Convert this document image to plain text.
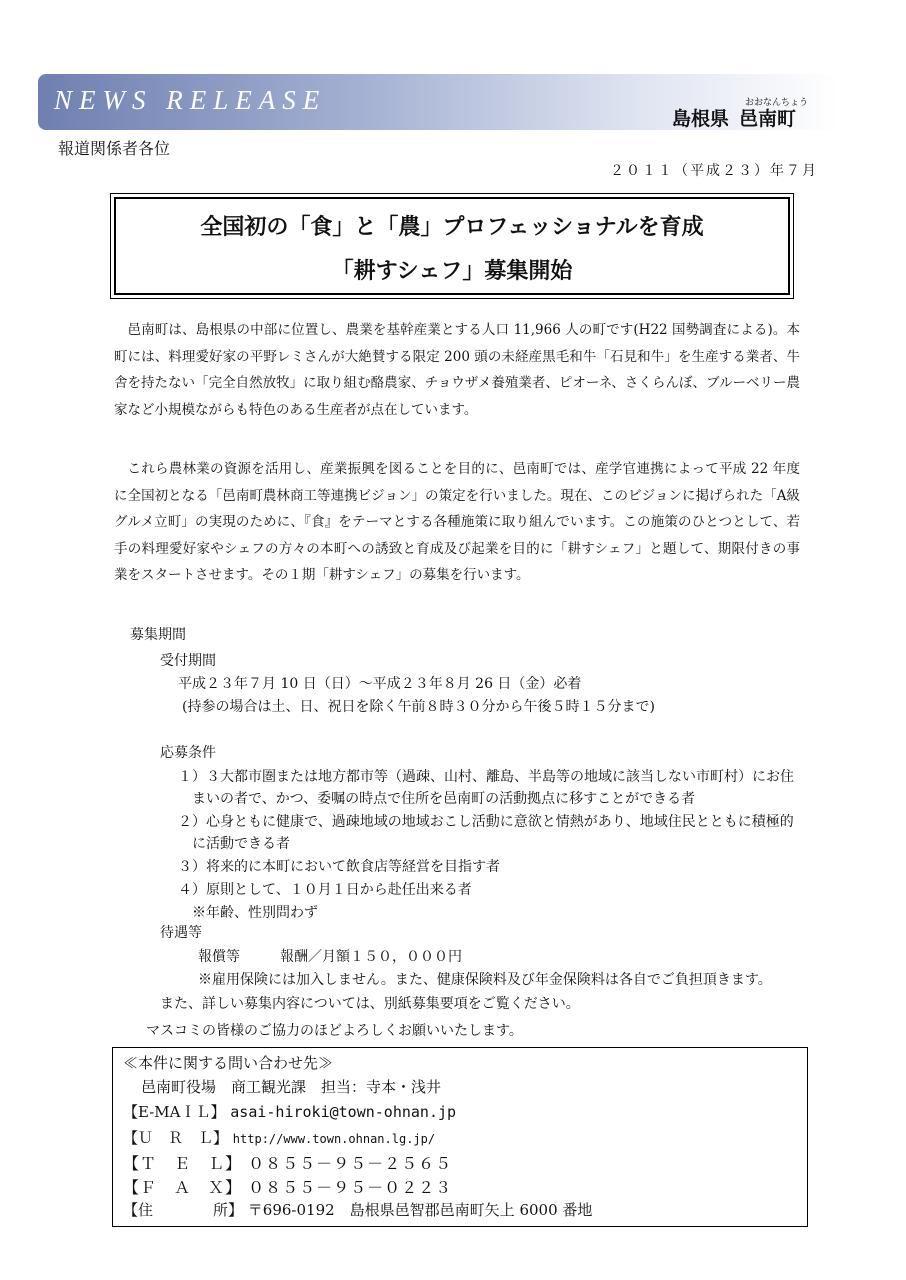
NEWS RELEASE	おおなんちょう
島根県 邑南町
報道関係者各位
２０１１（平成２３）年７月
全国初の「食」と「農」プロフェッショナルを育成
「耕すシェフ」募集開始
邑南町は、島根県の中部に位置し、農業を基幹産業とする人口 11,966 人の町です(H22 国勢調査による)。本町には、料理愛好家の平野レミさんが大絶賛する限定 200 頭の未経産黒毛和牛「石見和牛」を生産する業者、牛舎を持たない「完全自然放牧」に取り組む酪農家、チョウザメ養殖業者、ピオーネ、さくらんぼ、ブルーベリー農家など小規模ながらも特色のある生産者が点在しています。
これら農林業の資源を活用し、産業振興を図ることを目的に、邑南町では、産学官連携によって平成 22 年度に全国初となる「邑南町農林商工等連携ビジョン」の策定を行いました。現在、このビジョンに掲げられた「A級グルメ立町」の実現のために、『食』をテーマとする各種施策に取り組んでいます。この施策のひとつとして、若手の料理愛好家やシェフの方々の本町への誘致と育成及び起業を目的に「耕すシェフ」と題して、期限付きの事業をスタートさせます。その１期「耕すシェフ」の募集を行います。
募集期間
受付期間
平成２３年７月 10 日（日）～平成２３年８月 26 日（金）必着
(持参の場合は土、日、祝日を除く午前８時３０分から午後５時１５分まで)
応募条件
１）３大都市圏または地方都市等（過疎、山村、離島、半島等の地域に該当しない市町村）にお住
まいの者で、かつ、委嘱の時点で住所を邑南町の活動拠点に移すことができる者
２）心身ともに健康で、過疎地域の地域おこし活動に意欲と情熱があり、地域住民とともに積極的
に活動できる者
３）将来的に本町において飲食店等経営を目指す者
４）原則として、１０月１日から赴任出来る者
※年齢、性別問わず
待遇等
報償等	報酬／月額１５０，０００円
※雇用保険には加入しません。また、健康保険料及び年金保険料は各自でご負担頂きます。
また、詳しい募集内容については、別紙募集要項をご覧ください。
マスコミの皆様のご協力のほどよろしくお願いいたします。
≪本件に関する問い合わせ先≫
邑南町役場　商工観光課　担当：寺本・浅井
【E-MAＩＬ】 asai-hiroki@town-ohnan.jp
【Ｕ　Ｒ　Ｌ】 http://www.town.ohnan.lg.jp/
【Ｔ　Ｅ　Ｌ】 ０８５５－９５－２５６５
【Ｆ　Ａ　Ｘ】 ０８５５－９５－０２２３
【住　　　　所】 〒696‐0192　島根県邑智郡邑南町矢上 6000 番地
